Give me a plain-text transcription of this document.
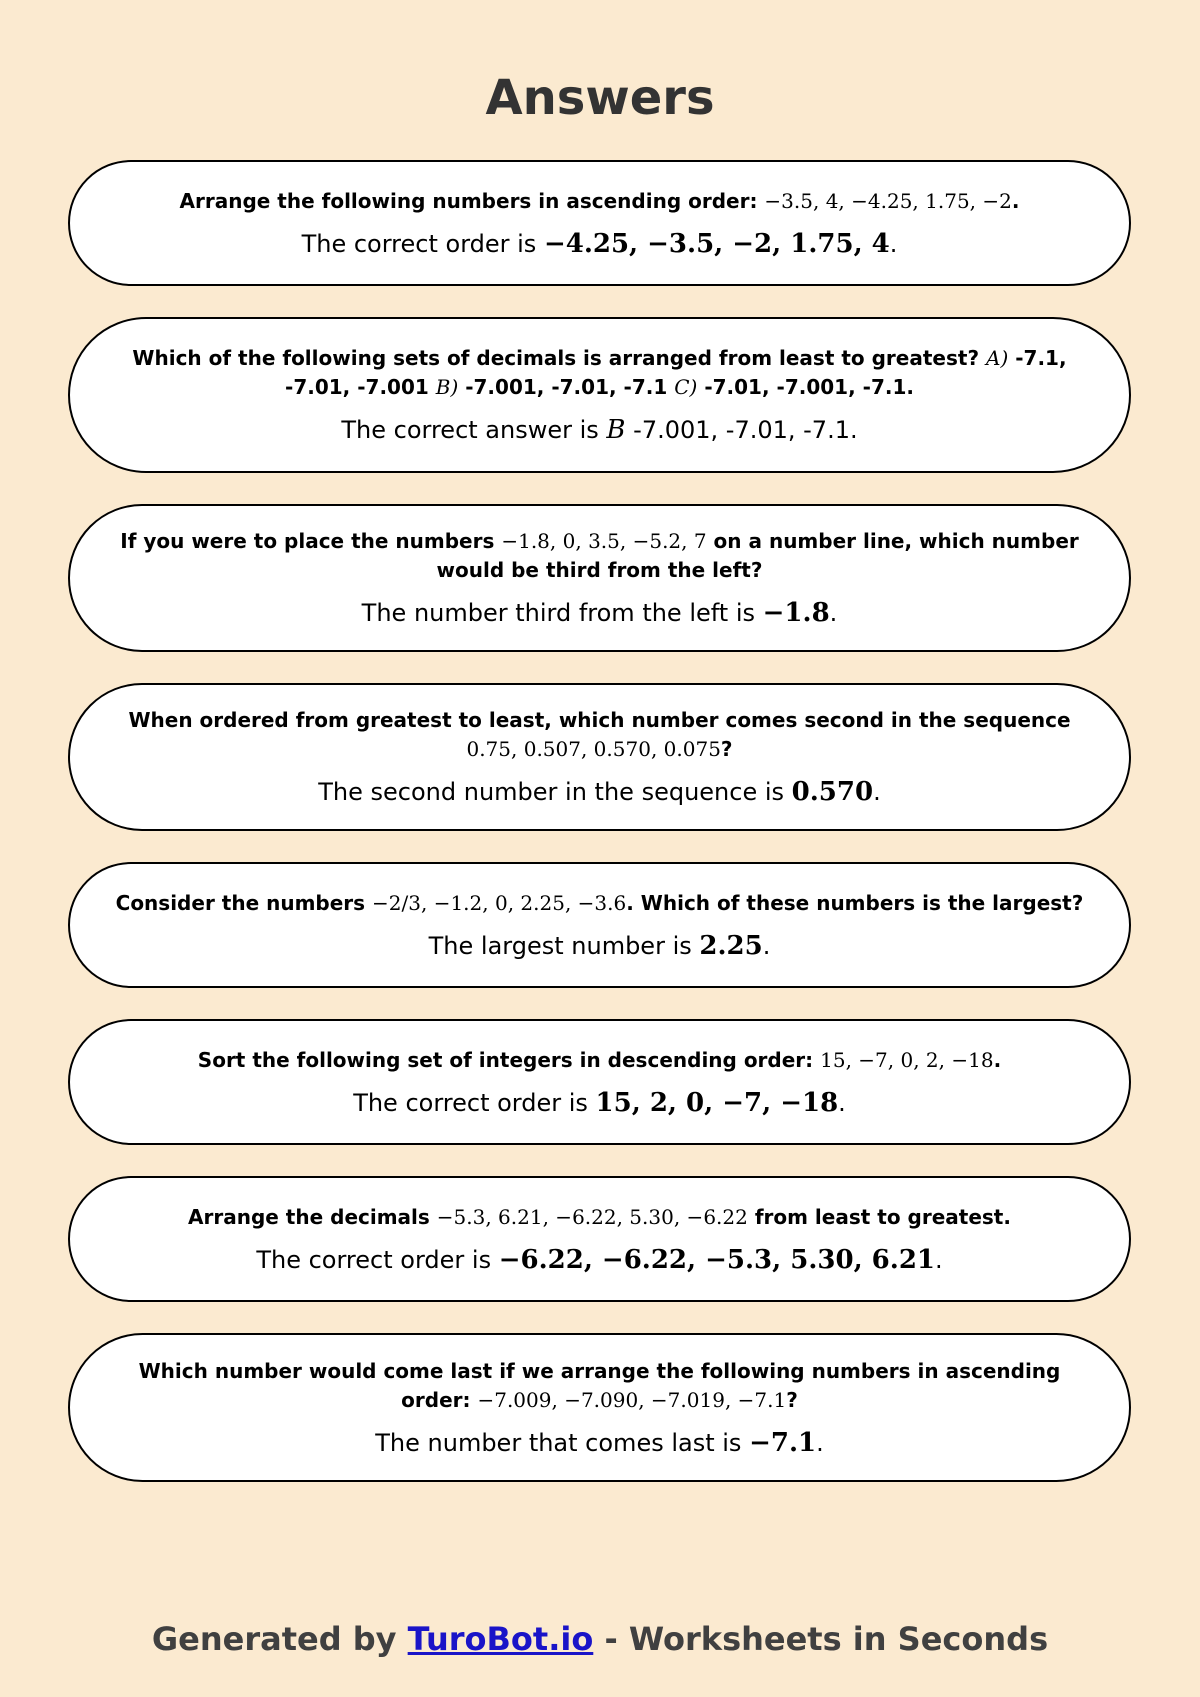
Answers
Arrange the following numbers in ascending order: −3.5, 4, −4.25, 1.75, −2.
The correct order is −4.25, −3.5, −2, 1.75, 4.
Which of the following sets of decimals is arranged from least to greatest? A) -7.1, -7.01, -7.001 B) -7.001, -7.01, -7.1 C) -7.01, -7.001, -7.1.
The correct answer is B -7.001, -7.01, -7.1.
If you were to place the numbers −1.8, 0, 3.5, −5.2, 7 on a number line, which number would be third from the left?
The number third from the left is −1.8.
When ordered from greatest to least, which number comes second in the sequence 0.75, 0.507, 0.570, 0.075?
The second number in the sequence is 0.570.
Consider the numbers −2/3, −1.2, 0, 2.25, −3.6. Which of these numbers is the largest?
The largest number is 2.25.
Sort the following set of integers in descending order: 15, −7, 0, 2, −18.
The correct order is 15, 2, 0, −7, −18.
Arrange the decimals −5.3, 6.21, −6.22, 5.30, −6.22 from least to greatest.
The correct order is −6.22, −6.22, −5.3, 5.30, 6.21.
Which number would come last if we arrange the following numbers in ascending order: −7.009, −7.090, −7.019, −7.1?
The number that comes last is −7.1.
Generated by TuroBot.io - Worksheets in Seconds
